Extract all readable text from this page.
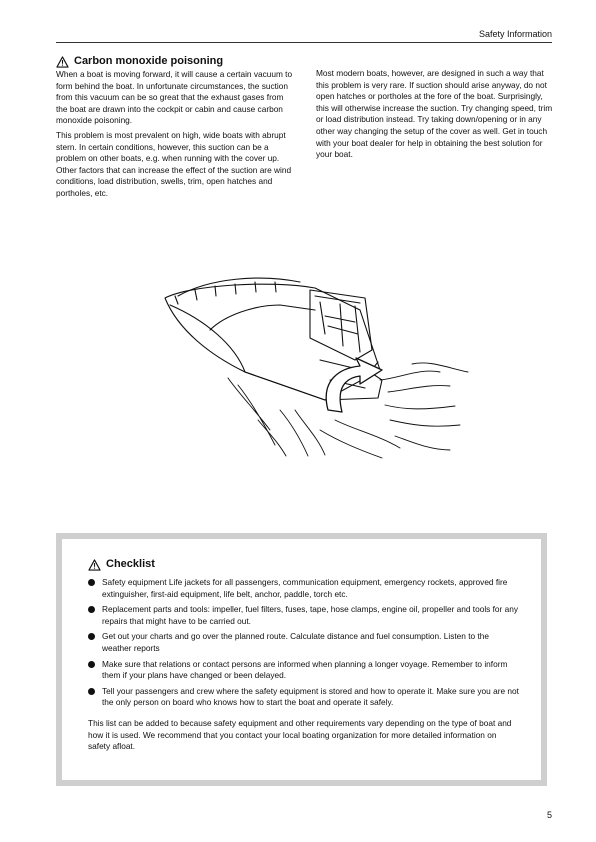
Safety Information
Carbon monoxide poisoning

When a boat is moving forward, it will cause a certain vacuum to form behind the boat. In unfortunate circumstances, the suction from this vacuum can be so great that the exhaust gases from the boat are drawn into the cockpit or cabin and cause carbon monoxide poisoning.

This problem is most prevalent on high, wide boats with abrupt stern. In certain conditions, however, this suction can be a problem on other boats, e.g. when running with the cover up. Other factors that can increase the effect of the suction are wind conditions, load distribution, swells, trim, open hatches and portholes, etc.

Most modern boats, however, are designed in such a way that this problem is very rare. If suction should arise anyway, do not open hatches or portholes at the fore of the boat. Surprisingly, this will otherwise increase the suction. Try changing speed, trim or load distribution instead. Try taking down/opening or in any other way changing the setup of the cover as well. Get in touch with your boat dealer for help in obtaining the best solution for your boat.

Checklist
Safety equipment Life jackets for all passengers, communication equipment, emergency rockets, approved fire extinguisher, first-aid equipment, life belt, anchor, paddle, torch etc.
Replacement parts and tools: impeller, fuel filters, fuses, tape, hose clamps, engine oil, propeller and tools for any repairs that might have to be carried out.
Get out your charts and go over the planned route. Calculate distance and fuel consumption. Listen to the weather reports
Make sure that relations or contact persons are informed when planning a longer voyage. Remember to inform them if your plans have changed or been delayed.
Tell your passengers and crew where the safety equipment is stored and how to operate it. Make sure you are not the only person on board who knows how to start the boat and operate it safely.

This list can be added to because safety equipment and other requirements vary depending on the type of boat and how it is used. We recommend that you contact your local boating organization for more detailed information on safety afloat.

5
